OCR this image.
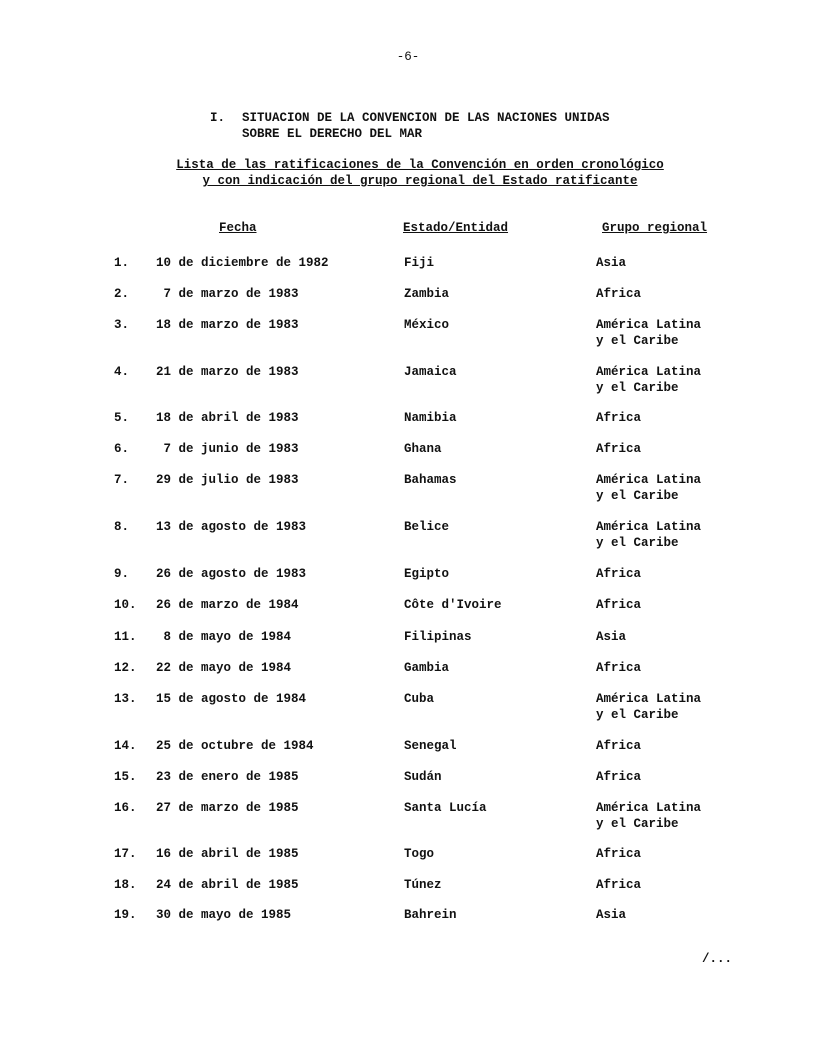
-6-
I. SITUACION DE LA CONVENCION DE LAS NACIONES UNIDAS
SOBRE EL DERECHO DEL MAR
Lista de las ratificaciones de la Convención en orden cronológico
y con indicación del grupo regional del Estado ratificante
Fecha	Estado/Entidad	Grupo regional
1.	10 de diciembre de 1982	Fiji	Asia

2.	7 de marzo de 1983	Zambia	Africa

3.	18 de marzo de 1983	México	América Latina
y el Caribe
4.	21 de marzo de 1983	Jamaica	América Latina
y el Caribe
5.	18 de abril de 1983	Namibia	Africa

6.	7 de junio de 1983	Ghana	Africa

7.	29 de julio de 1983	Bahamas	América Latina
y el Caribe
8.	13 de agosto de 1983	Belice	América Latina
y el Caribe
9.	26 de agosto de 1983	Egipto	Africa

10.	26 de marzo de 1984	Côte d'Ivoire	Africa

11.	8 de mayo de 1984	Filipinas	Asia

12.	22 de mayo de 1984	Gambia	Africa

13.	15 de agosto de 1984	Cuba	América Latina
y el Caribe
14.	25 de octubre de 1984	Senegal	Africa

15.	23 de enero de 1985	Sudán	Africa

16.	27 de marzo de 1985	Santa Lucía	América Latina
y el Caribe
17.	16 de abril de 1985	Togo	Africa

18.	24 de abril de 1985	Túnez	Africa

19.	30 de mayo de 1985	Bahrein	Asia

/...
